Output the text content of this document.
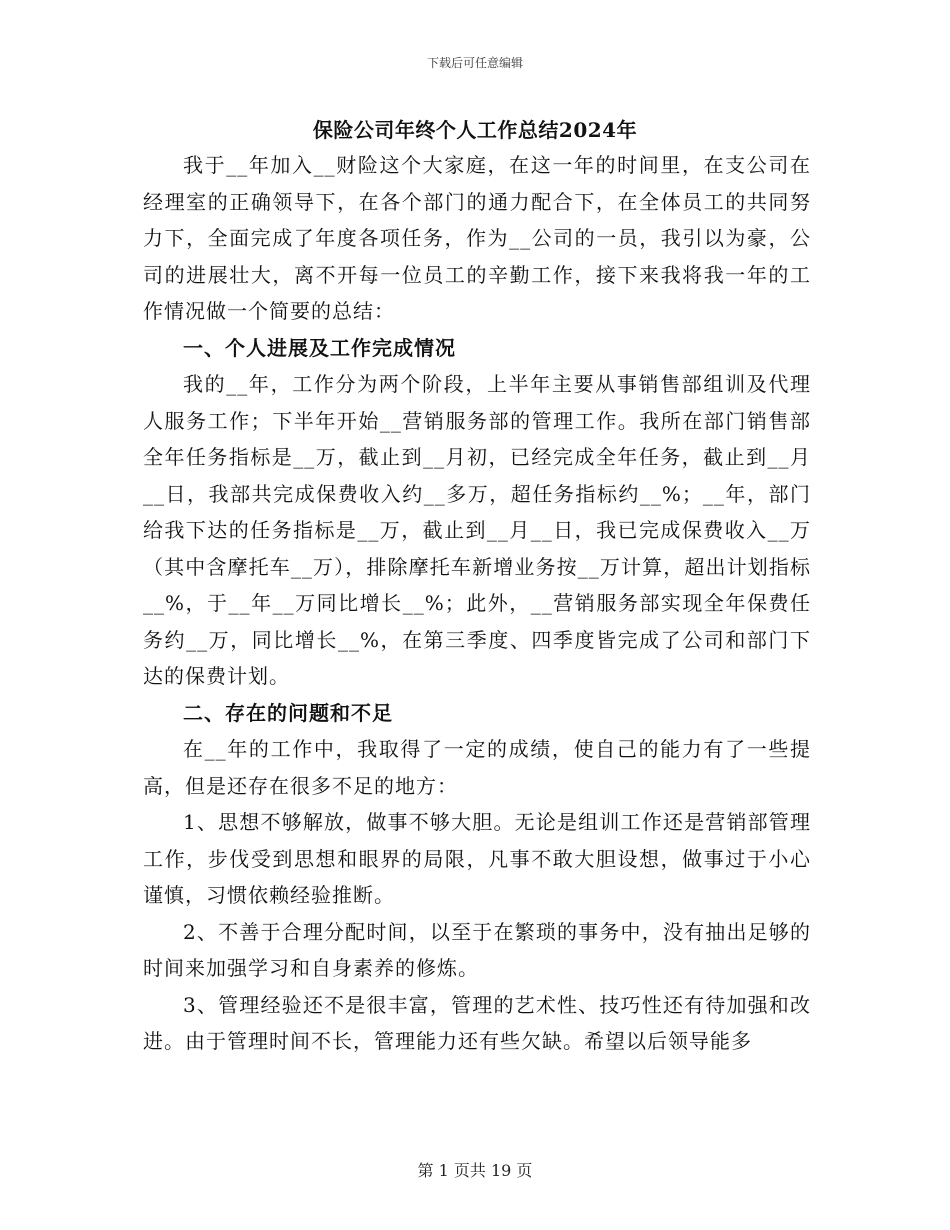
下载后可任意编辑
保险公司年终个人工作总结2024年

我于__年加入__财险这个大家庭，在这一年的时间里，在支公司在经理室的正确领导下，在各个部门的通力配合下，在全体员工的共同努力下，全面完成了年度各项任务，作为__公司的一员，我引以为豪，公司的进展壮大，离不开每一位员工的辛勤工作，接下来我将我一年的工作情况做一个简要的总结：

一、个人进展及工作完成情况

我的__年，工作分为两个阶段，上半年主要从事销售部组训及代理人服务工作；下半年开始__营销服务部的管理工作。我所在部门销售部全年任务指标是__万，截止到__月初，已经完成全年任务，截止到__月__日，我部共完成保费收入约__多万，超任务指标约__%；__年，部门给我下达的任务指标是__万，截止到__月__日，我已完成保费收入__万（其中含摩托车__万），排除摩托车新增业务按__万计算，超出计划指标__%，于__年__万同比增长__%；此外，__营销服务部实现全年保费任务约__万，同比增长__%，在第三季度、四季度皆完成了公司和部门下达的保费计划。

二、存在的问题和不足

在__年的工作中，我取得了一定的成绩，使自己的能力有了一些提高，但是还存在很多不足的地方：

1、思想不够解放，做事不够大胆。无论是组训工作还是营销部管理工作，步伐受到思想和眼界的局限，凡事不敢大胆设想，做事过于小心谨慎，习惯依赖经验推断。

2、不善于合理分配时间，以至于在繁琐的事务中，没有抽出足够的时间来加强学习和自身素养的修炼。

3、管理经验还不是很丰富，管理的艺术性、技巧性还有待加强和改进。由于管理时间不长，管理能力还有些欠缺。希望以后领导能多

第 1 页共 19 页
